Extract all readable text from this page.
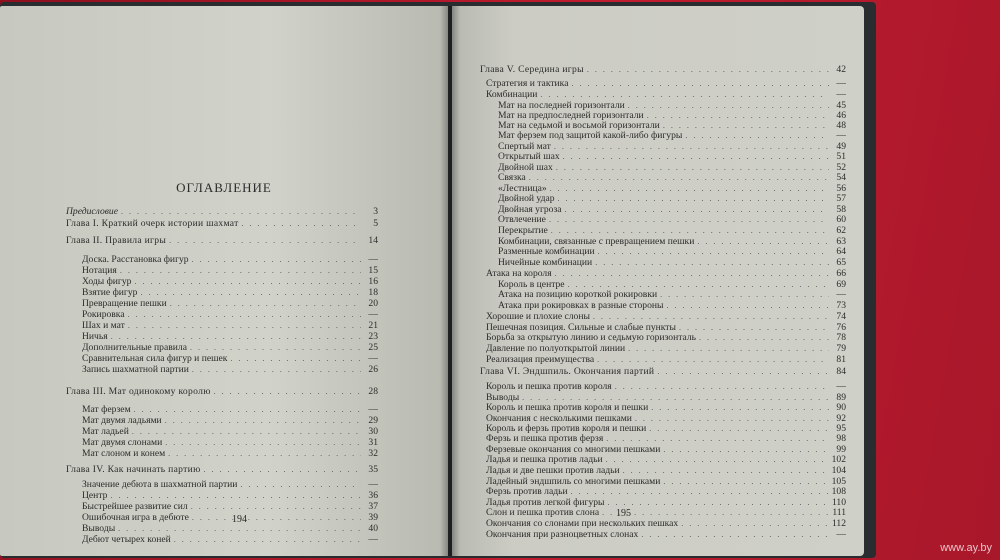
ОГЛАВЛЕНИЕ
Предисловие . . .	3
Глава I. Краткий очерк истории шахмат . . .	5
Глава II. Правила игры . . .	14
Доска. Расстановка фигур . . .	—
Нотация . . .	15
Ходы фигур . . .	16
Взятие фигур . . .	18
Превращение пешки . . .	20
Рокировка . . .	—
Шах и мат . . .	21
Ничья . . .	23
Дополнительные правила . . .	25
Сравнительная сила фигур и пешек . . .	—
Запись шахматной партии . . .	26
Глава III. Мат одинокому королю . . .	28
Мат ферзем . . .	—
Мат двумя ладьями . . .	29
Мат ладьей . . .	30
Мат двумя слонами . . .	31
Мат слоном и конем . . .	32
Глава IV. Как начинать партию . . .	35
Значение дебюта в шахматной партии . . .	—
Центр . . .	36
Быстрейшее развитие сил . . .	37
Ошибочная игра в дебюте . . .	39
Выводы . . .	40
Дебют четырех коней . . .	—
194
Глава V. Середина игры . . .	42
Стратегия и тактика . . .	—
Комбинации . . .	—
Мат на последней горизонтали . . .	45
Мат на предпоследней горизонтали . . .	46
Мат на седьмой и восьмой горизонтали . . .	48
Мат ферзем под защитой какой-либо фигуры . . .	—
Спертый мат . . .	49
Открытый шах . . .	51
Двойной шах . . .	52
Связка . . .	54
«Лестница» . . .	56
Двойной удар . . .	57
Двойная угроза . . .	58
Отвлечение . . .	60
Перекрытие . . .	62
Комбинации, связанные с превращением пешки . . .	63
Разменные комбинации . . .	64
Ничейные комбинации . . .	65
Атака на короля . . .	66
Король в центре . . .	69
Атака на позицию короткой рокировки . . .	—
Атака при рокировках в разные стороны . . .	73
Хорошие и плохие слоны . . .	74
Пешечная позиция. Сильные и слабые пункты . . .	76
Борьба за открытую линию и седьмую горизонталь . . .	78
Давление по полуоткрытой линии . . .	79
Реализация преимущества . . .	81
Глава VI. Эндшпиль. Окончания партий . . .	84
Король и пешка против короля . . .	—
Выводы . . .	89
Король и пешка против короля и пешки . . .	90
Окончания с несколькими пешками . . .	92
Король и ферзь против короля и пешки . . .	95
Ферзь и пешка против ферзя . . .	98
Ферзевые окончания со многими пешками . . .	99
Ладья и пешка против ладьи . . .	102
Ладья и две пешки против ладьи . . .	104
Ладейный эндшпиль со многими пешками . . .	105
Ферзь против ладьи . . .	108
Ладья против легкой фигуры . . .	110
Слон и пешка против слона . . .	111
Окончания со слонами при нескольких пешках . . .	112
Окончания при разноцветных слонах . . .	—
195
www.ay.by
